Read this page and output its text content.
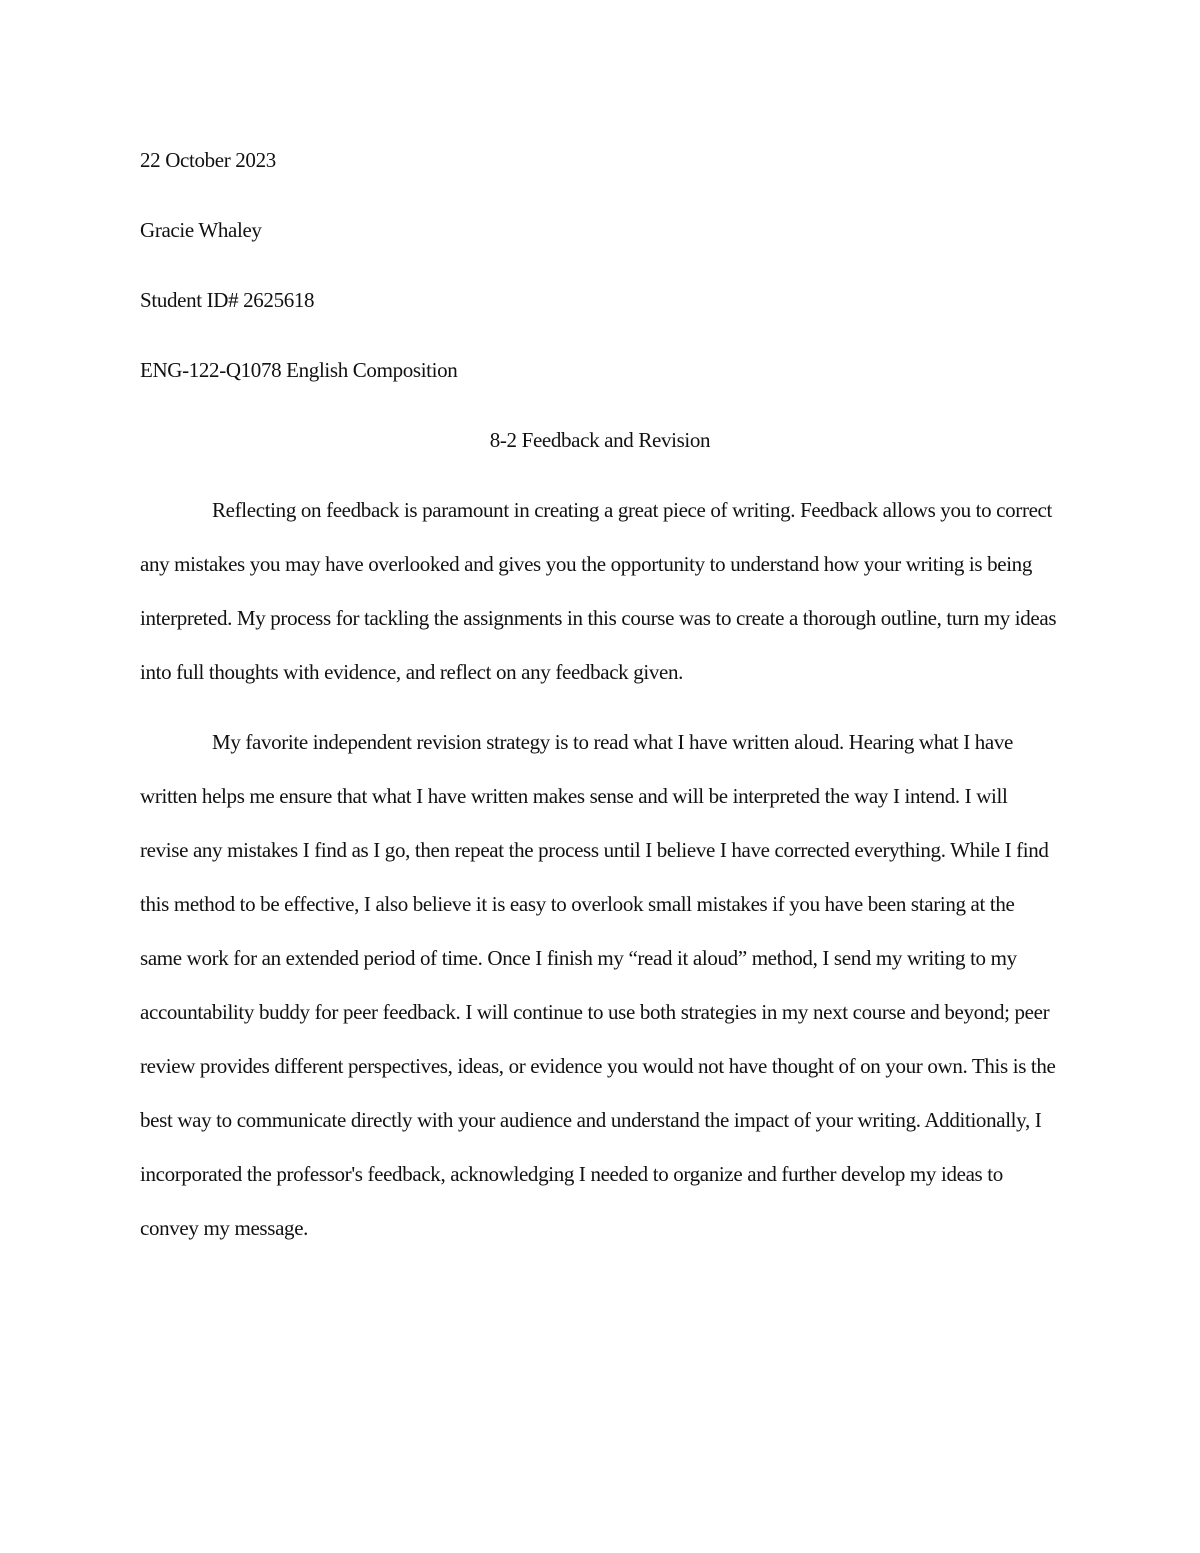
22 October 2023
Gracie Whaley
Student ID# 2625618
ENG-122-Q1078 English Composition
8-2 Feedback and Revision

Reflecting on feedback is paramount in creating a great piece of writing. Feedback allows you to correct any mistakes you may have overlooked and gives you the opportunity to understand how your writing is being interpreted. My process for tackling the assignments in this course was to create a thorough outline, turn my ideas into full thoughts with evidence, and reflect on any feedback given.

My favorite independent revision strategy is to read what I have written aloud. Hearing what I have written helps me ensure that what I have written makes sense and will be interpreted the way I intend. I will revise any mistakes I find as I go, then repeat the process until I believe I have corrected everything. While I find this method to be effective, I also believe it is easy to overlook small mistakes if you have been staring at the same work for an extended period of time. Once I finish my “read it aloud” method, I send my writing to my accountability buddy for peer feedback. I will continue to use both strategies in my next course and beyond; peer review provides different perspectives, ideas, or evidence you would not have thought of on your own. This is the best way to communicate directly with your audience and understand the impact of your writing. Additionally, I incorporated the professor's feedback, acknowledging I needed to organize and further develop my ideas to convey my message.
